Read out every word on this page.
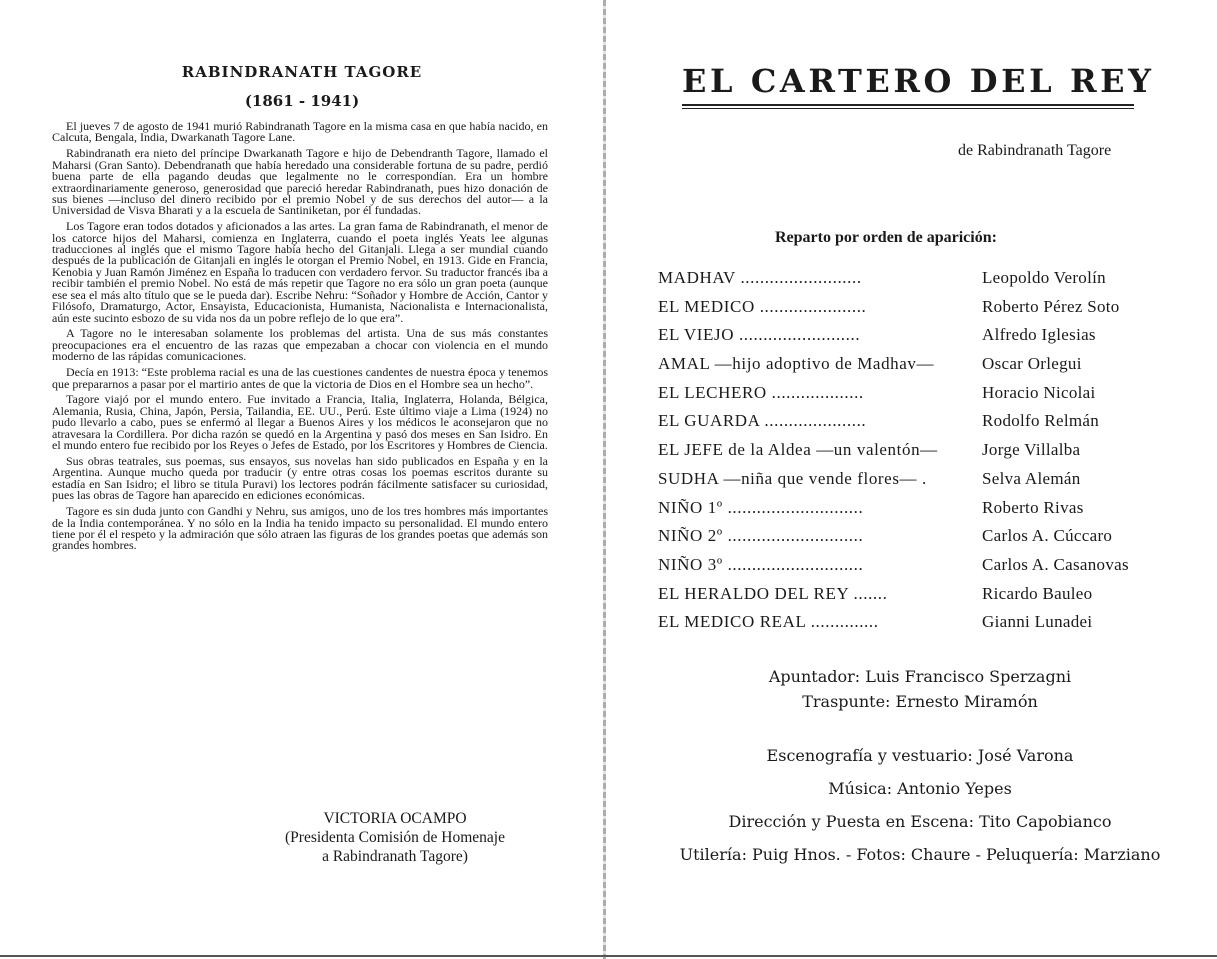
RABINDRANATH TAGORE
(1861 - 1941)

El jueves 7 de agosto de 1941 murió Rabindranath Tagore en la misma casa en que había nacido, en Calcuta, Bengala, India, Dwarkanath Tagore Lane.

Rabindranath era nieto del príncipe Dwarkanath Tagore e hijo de Debendranth Tagore, llamado el Maharsi (Gran Santo). Debendranath que había heredado una considerable fortuna de su padre, perdió buena parte de ella pagando deudas que legalmente no le correspondían. Era un hombre extraordinariamente generoso, generosidad que pareció heredar Rabindranath, pues hizo donación de sus bienes —incluso del dinero recibido por el premio Nobel y de sus derechos del autor— a la Universidad de Visva Bharati y a la escuela de Santiniketan, por él fundadas.

Los Tagore eran todos dotados y aficionados a las artes. La gran fama de Rabindranath, el menor de los catorce hijos del Maharsi, comienza en Inglaterra, cuando el poeta inglés Yeats lee algunas traducciones al inglés que el mismo Tagore había hecho del Gitanjali. Llega a ser mundial cuando después de la publicación de Gitanjali en inglés le otorgan el Premio Nobel, en 1913. Gide en Francia, Kenobia y Juan Ramón Jiménez en España lo traducen con verdadero fervor. Su traductor francés iba a recibir también el premio Nobel. No está de más repetir que Tagore no era sólo un gran poeta (aunque ese sea el más alto título que se le pueda dar). Escribe Nehru: “Soñador y Hombre de Acción, Cantor y Filósofo, Dramaturgo, Actor, Ensayista, Educacionista, Humanista, Nacionalista e Internacionalista, aún este sucinto esbozo de su vida nos da un pobre reflejo de lo que era”.

A Tagore no le interesaban solamente los problemas del artista. Una de sus más constantes preocupaciones era el encuentro de las razas que empezaban a chocar con violencia en el mundo moderno de las rápidas comunicaciones.

Decía en 1913: “Este problema racial es una de las cuestiones candentes de nuestra época y tenemos que prepararnos a pasar por el martirio antes de que la victoria de Dios en el Hombre sea un hecho”.

Tagore viajó por el mundo entero. Fue invitado a Francia, Italia, Inglaterra, Holanda, Bélgica, Alemania, Rusia, China, Japón, Persia, Tailandia, EE. UU., Perú. Este último viaje a Lima (1924) no pudo llevarlo a cabo, pues se enfermó al llegar a Buenos Aires y los médicos le aconsejaron que no atravesara la Cordillera. Por dicha razón se quedó en la Argentina y pasó dos meses en San Isidro. En el mundo entero fue recibido por los Reyes o Jefes de Estado, por los Escritores y Hombres de Ciencia.

Sus obras teatrales, sus poemas, sus ensayos, sus novelas han sido publicados en España y en la Argentina. Aunque mucho queda por traducir (y entre otras cosas los poemas escritos durante su estadía en San Isidro; el libro se titula Puravi) los lectores podrán fácilmente satisfacer su curiosidad, pues las obras de Tagore han aparecido en ediciones económicas.

Tagore es sin duda junto con Gandhi y Nehru, sus amigos, uno de los tres hombres más importantes de la India contemporánea. Y no sólo en la India ha tenido impacto su personalidad. El mundo entero tiene por él el respeto y la admiración que sólo atraen las figuras de los grandes poetas que además son grandes hombres.

VICTORIA OCAMPO
(Presidenta Comisión de Homenaje
a Rabindranath Tagore)
EL CARTERO DEL REY
de Rabindranath Tagore
Reparto por orden de aparición:
MADHAV .........................	Leopoldo Verolín
EL MEDICO ......................	Roberto Pérez Soto
EL VIEJO .........................	Alfredo Iglesias
AMAL —hijo adoptivo de Madhav—	Oscar Orlegui
EL LECHERO ...................	Horacio Nicolai
EL GUARDA .....................	Rodolfo Relmán
EL JEFE de la Aldea —un valentón—	Jorge Villalba
SUDHA —niña que vende flores— .	Selva Alemán
NIÑO 1º ............................	Roberto Rivas
NIÑO 2º ............................	Carlos A. Cúccaro
NIÑO 3º ............................	Carlos A. Casanovas
EL HERALDO DEL REY .......	Ricardo Bauleo
EL MEDICO REAL ..............	Gianni Lunadei
Apuntador: Luis Francisco Sperzagni
Traspunte: Ernesto Miramón
Escenografía y vestuario: José Varona
Música: Antonio Yepes
Dirección y Puesta en Escena: Tito Capobianco
Utilería: Puig Hnos. - Fotos: Chaure - Peluquería: Marziano
